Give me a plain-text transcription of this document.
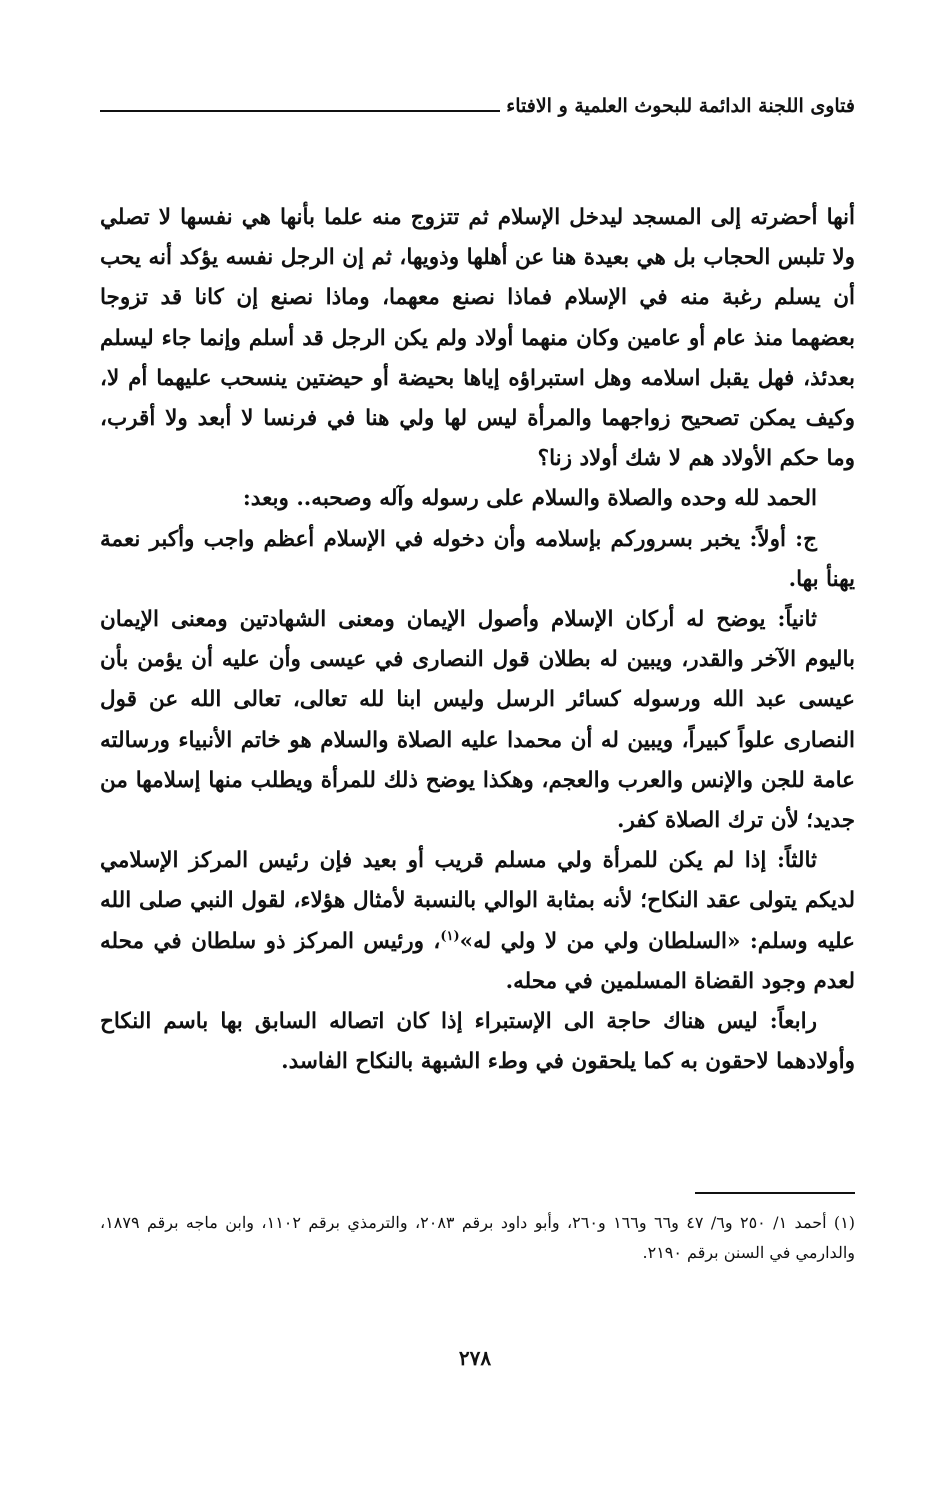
فتاوى اللجنة الدائمة للبحوث العلمية و الافتاء

أنها أحضرته إلى المسجد ليدخل الإسلام ثم تتزوج منه علما بأنها هي نفسها لا تصلي ولا تلبس الحجاب بل هي بعيدة هنا عن أهلها وذويها، ثم إن الرجل نفسه يؤكد أنه يحب أن يسلم رغبة منه في الإسلام فماذا نصنع معهما، وماذا نصنع إن كانا قد تزوجا بعضهما منذ عام أو عامين وكان منهما أولاد ولم يكن الرجل قد أسلم وإنما جاء ليسلم بعدئذ، فهل يقبل اسلامه وهل استبراؤه إياها بحيضة أو حيضتين ينسحب عليهما أم لا، وكيف يمكن تصحيح زواجهما والمرأة ليس لها ولي هنا في فرنسا لا أبعد ولا أقرب، وما حكم الأولاد هم لا شك أولاد زنا؟

الحمد لله وحده والصلاة والسلام على رسوله وآله وصحبه.. وبعد:

ج: أولاً: يخبر بسروركم بإسلامه وأن دخوله في الإسلام أعظم واجب وأكبر نعمة يهنأ بها.

ثانياً: يوضح له أركان الإسلام وأصول الإيمان ومعنى الشهادتين ومعنى الإيمان باليوم الآخر والقدر، ويبين له بطلان قول النصارى في عيسى وأن عليه أن يؤمن بأن عيسى عبد الله ورسوله كسائر الرسل وليس ابنا لله تعالى، تعالى الله عن قول النصارى علواً كبيراً، ويبين له أن محمدا عليه الصلاة والسلام هو خاتم الأنبياء ورسالته عامة للجن والإنس والعرب والعجم، وهكذا يوضح ذلك للمرأة ويطلب منها إسلامها من جديد؛ لأن ترك الصلاة كفر.

ثالثاً: إذا لم يكن للمرأة ولي مسلم قريب أو بعيد فإن رئيس المركز الإسلامي لديكم يتولى عقد النكاح؛ لأنه بمثابة الوالي بالنسبة لأمثال هؤلاء، لقول النبي صلى الله عليه وسلم: «السلطان ولي من لا ولي له»$^{(١)}$، ورئيس المركز ذو سلطان في محله لعدم وجود القضاة المسلمين في محله.

رابعاً: ليس هناك حاجة الى الإستبراء إذا كان اتصاله السابق بها باسم النكاح وأولادهما لاحقون به كما يلحقون في وطء الشبهة بالنكاح الفاسد.

(١) أحمد ١/ ٢٥٠ و٦/ ٤٧ و٦٦ و١٦٦ و٢٦٠، وأبو داود برقم ٢٠٨٣، والترمذي برقم ١١٠٢، وابن ماجه برقم ١٨٧٩، والدارمي في السنن برقم ٢١٩٠.
٢٧٨
